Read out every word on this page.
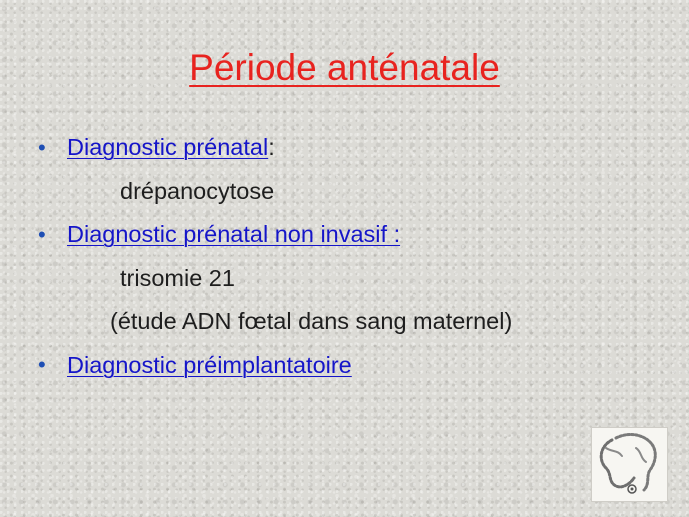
Période anténatale
• Diagnostic prénatal :
drépanocytose
• Diagnostic prénatal non invasif :
trisomie 21
(étude ADN fœtal dans sang maternel)
• Diagnostic préimplantatoire
